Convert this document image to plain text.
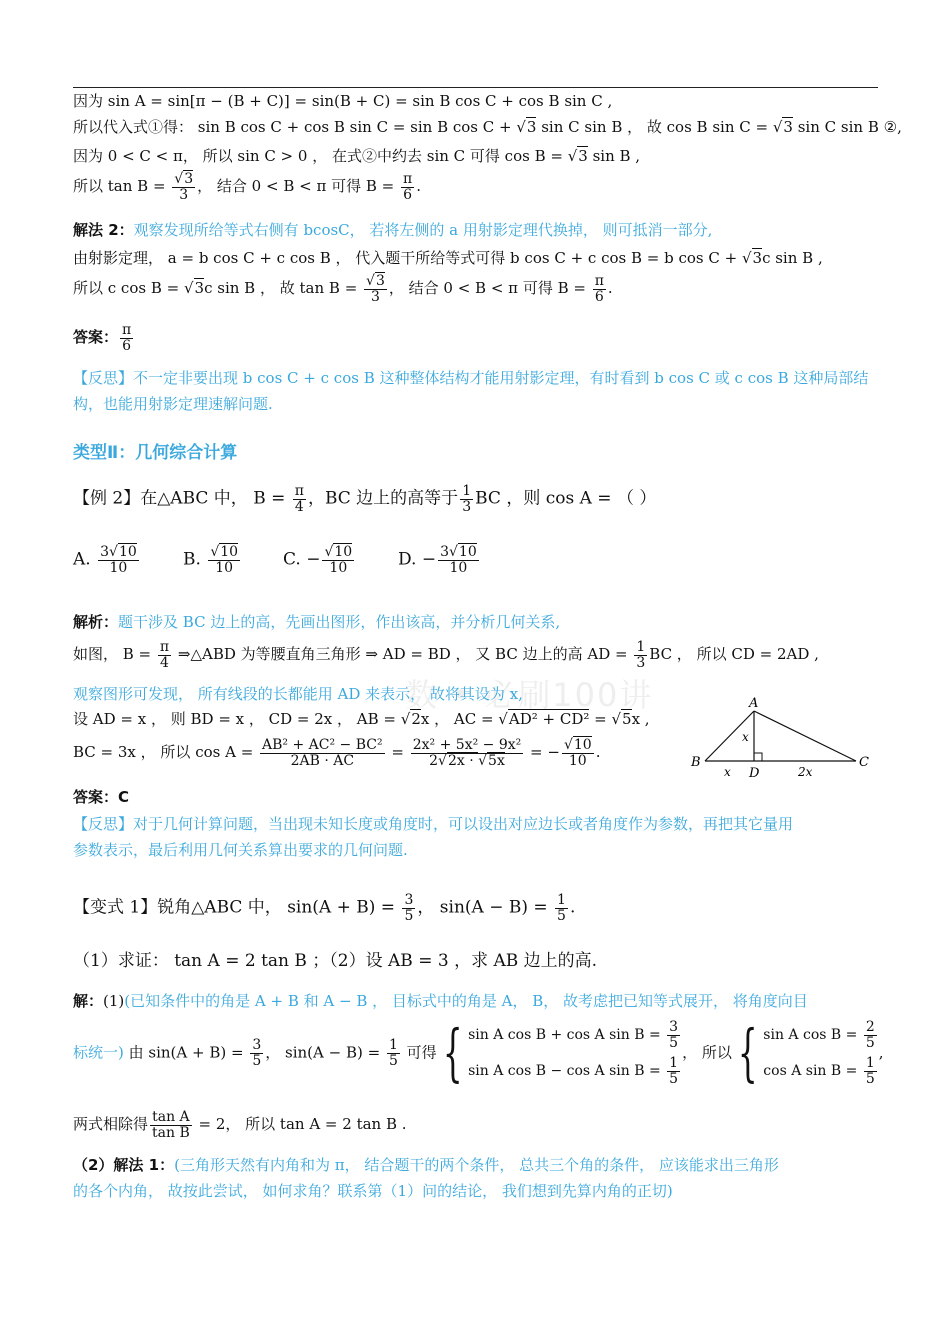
数 • 必刷100讲
因为 sin A = sin[π − (B + C)] = sin(B + C) = sin B cos C + cos B sin C ,
所以代入式①得： sin B cos C + cos B sin C = sin B cos C + √ 3 sin C sin B ， 故 cos B sin C = √ 3 sin C sin B ②,
因为 0 < C < π， 所以 sin C > 0 ， 在式②中约去 sin C 可得 cos B = √ 3 sin B ,
所以 tan B = √ $\frac{3}{3}$ ， 结合 0 < B < π 可得 $B = \frac{\pi}{6}$ .
解法 2：观察发现所给等式右侧有 bcosC， 若将左侧的 a 用射影定理代换掉， 则可抵消一部分,
由射影定理， a = b cos C + c cos B ， 代入题干所给等式可得 b cos C + c cos B = b cos C + √ 3c sin B ,
所以 c cos B = √ 3c sin B ， 故 tan B = √ $\frac{3}{3}$ ， 结合 0 < B < π 可得 $B = \frac{\pi}{6}$ .
答案： $\frac{\pi}{6}$
【反思】不一定非要出现 b cos C + c cos B 这种整体结构才能用射影定理，有时看到 b cos C 或 c cos B 这种局部结
构，也能用射影定理速解问题.
类型Ⅱ：几何综合计算
【例 2】在△ABC 中， $B = \frac{\pi}{4}$ ，BC 边上的高等于 $\frac{1}{3}$ BC ，则 cos A = （ ）
A. $\frac{3 √ 10}{10}$	B. √ $\frac{10}{10}$	C. − √ $\frac{10}{10}$	D. − $\frac{3 √ 10}{10}$
解析：题干涉及 BC 边上的高，先画出图形，作出该高，并分析几何关系,
如图， $B = \frac{\pi}{4}$ ⇒△ABD 为等腰直角三角形 ⇒ AD = BD ， 又 BC 边上的高 AD = $\frac{1}{3}$ BC ， 所以 CD = 2AD ,
观察图形可发现， 所有线段的长都能用 AD 来表示， 故将其设为 x,
设 AD = x ， 则 BD = x ， CD = 2x ， AB = √ 2x ， AC = √ AD² + CD² = √ 5x ,
BC = 3x ， 所以 $\cos A = \frac{\text{AB² + AC² − BC²}}{2AB \cdot AC} = \frac{\text{2x² + 5x² − 9x²}}{2 √ 2x \cdot √ 5x}$ = − √ $\frac{10}{10}$ .
A
B	C
D
x
x	2x
答案：C
【反思】对于几何计算问题，当出现未知长度或角度时，可以设出对应边长或者角度作为参数，再把其它量用
参数表示，最后利用几何关系算出要求的几何问题.
【变式 1】锐角△ABC 中， $\sin(A + B) = \frac{3}{5}$ ， $\sin(A - B) = \frac{1}{5}$ .
（1）求证： tan A = 2 tan B ；（2）设 AB = 3 ，求 AB 边上的高.
解：(1)(已知条件中的角是 A + B 和 A − B ， 目标式中的角是 A， B， 故考虑把已知等式展开， 将角度向目
标统一) 由 $\sin(A + B) = \frac{3}{5}$ ， $\sin(A - B) = \frac{1}{5}$ 可得 { sin A cos B + cos A $\sin B = \frac{3}{5}$
sin A cos B − cos A $\sin B = \frac{1}{5}$
， 所以 { sin A $\cos B = \frac{2}{5}$
cos A $\sin B = \frac{1}{5}$
,
两式相除得 $\frac{\text{tan A}}{\text{tan B}} = 2$， 所以 tan A = 2 tan B .
（2）解法 1：(三角形天然有内角和为 π， 结合题干的两个条件， 总共三个角的条件， 应该能求出三角形
的各个内角， 故按此尝试， 如何求角？联系第（1）问的结论， 我们想到先算内角的正切)
